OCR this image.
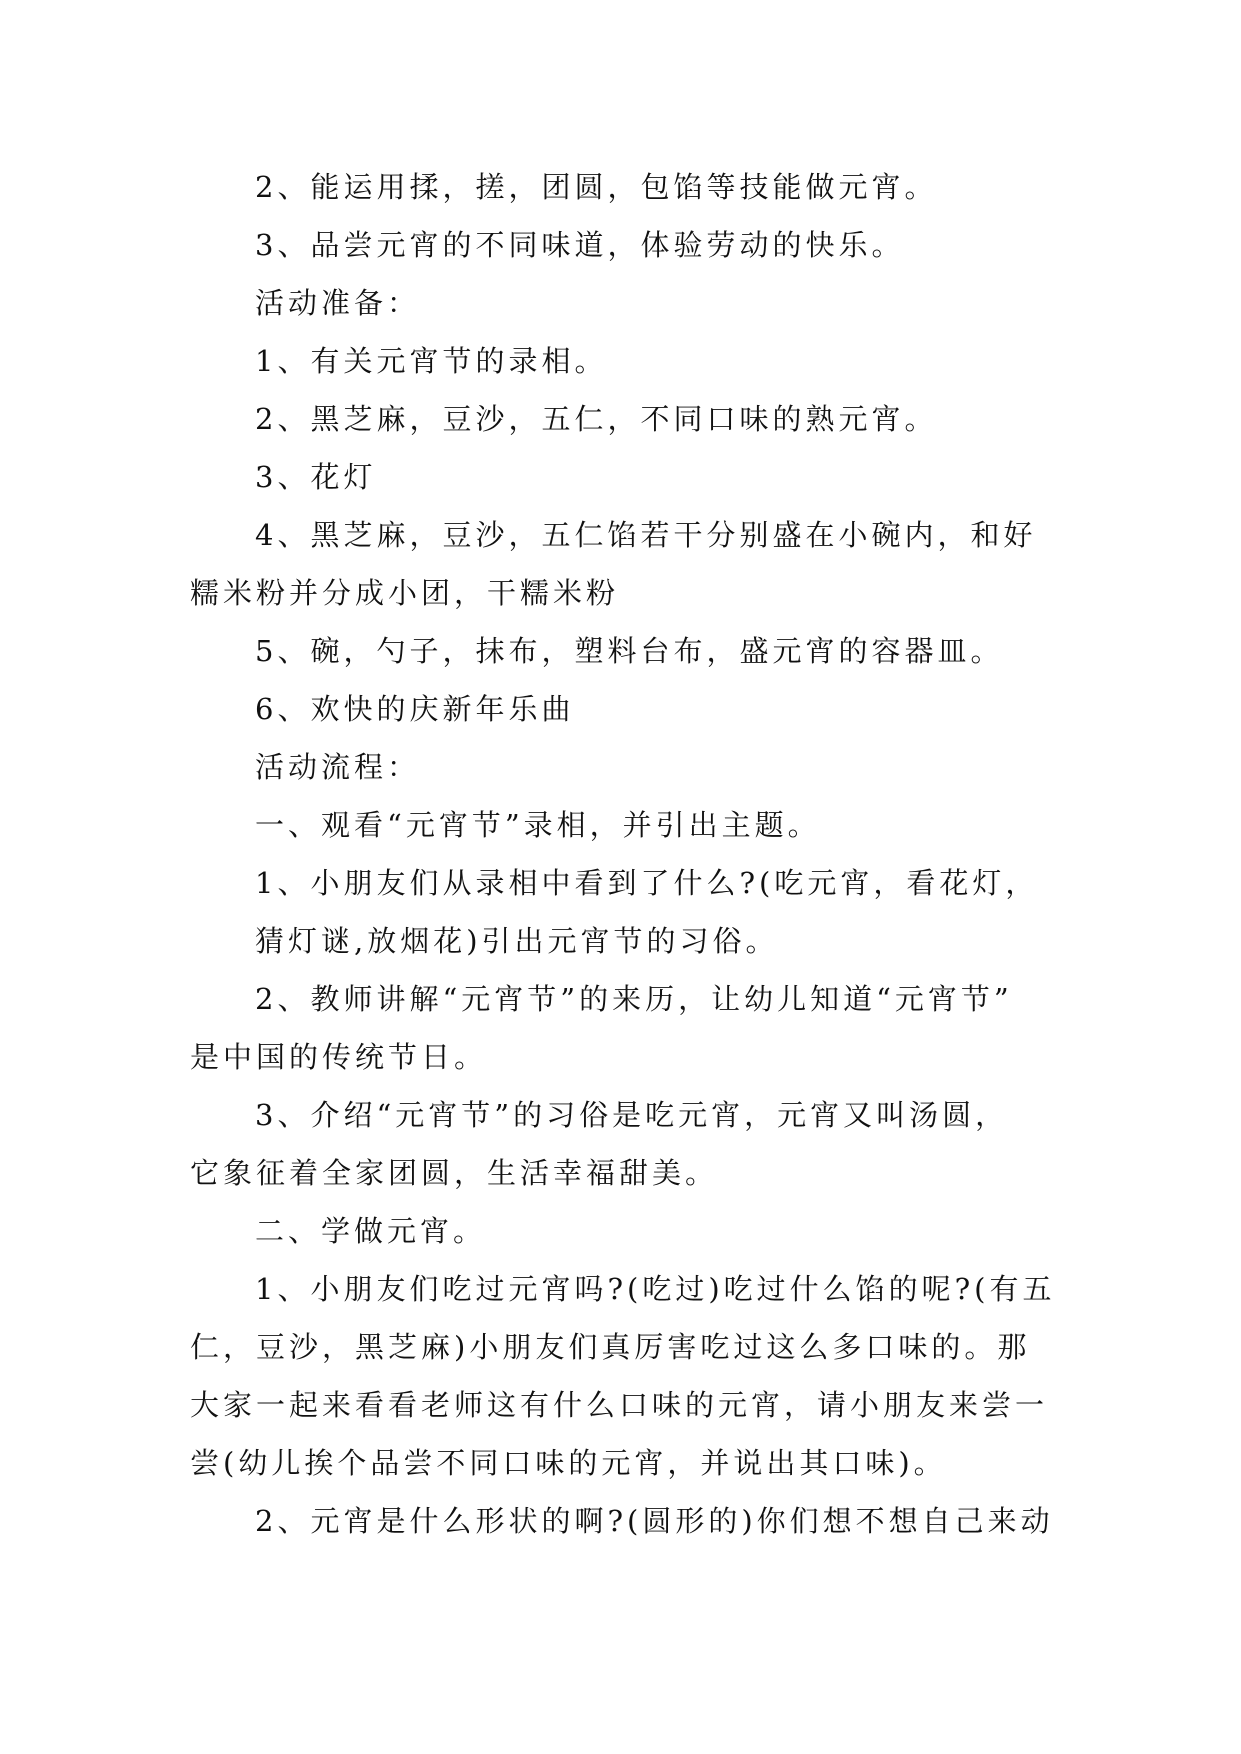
2、能运用揉，搓，团圆，包馅等技能做元宵。
3、品尝元宵的不同味道，体验劳动的快乐。
活动准备：
1、有关元宵节的录相。
2、黑芝麻，豆沙，五仁，不同口味的熟元宵。
3、花灯
4、黑芝麻，豆沙，五仁馅若干分别盛在小碗内，和好
糯米粉并分成小团，干糯米粉
5、碗，勺子，抹布，塑料台布，盛元宵的容器皿。
6、欢快的庆新年乐曲
活动流程：
一、观看“元宵节”录相，并引出主题。
1、小朋友们从录相中看到了什么?(吃元宵，看花灯，
猜灯谜,放烟花)引出元宵节的习俗。
2、教师讲解“元宵节”的来历，让幼儿知道“元宵节”
是中国的传统节日。
3、介绍“元宵节”的习俗是吃元宵，元宵又叫汤圆，
它象征着全家团圆，生活幸福甜美。
二、学做元宵。
1、小朋友们吃过元宵吗?(吃过)吃过什么馅的呢?(有五
仁，豆沙，黑芝麻)小朋友们真厉害吃过这么多口味的。那
大家一起来看看老师这有什么口味的元宵，请小朋友来尝一
尝(幼儿挨个品尝不同口味的元宵，并说出其口味)。
2、元宵是什么形状的啊?(圆形的)你们想不想自己来动
